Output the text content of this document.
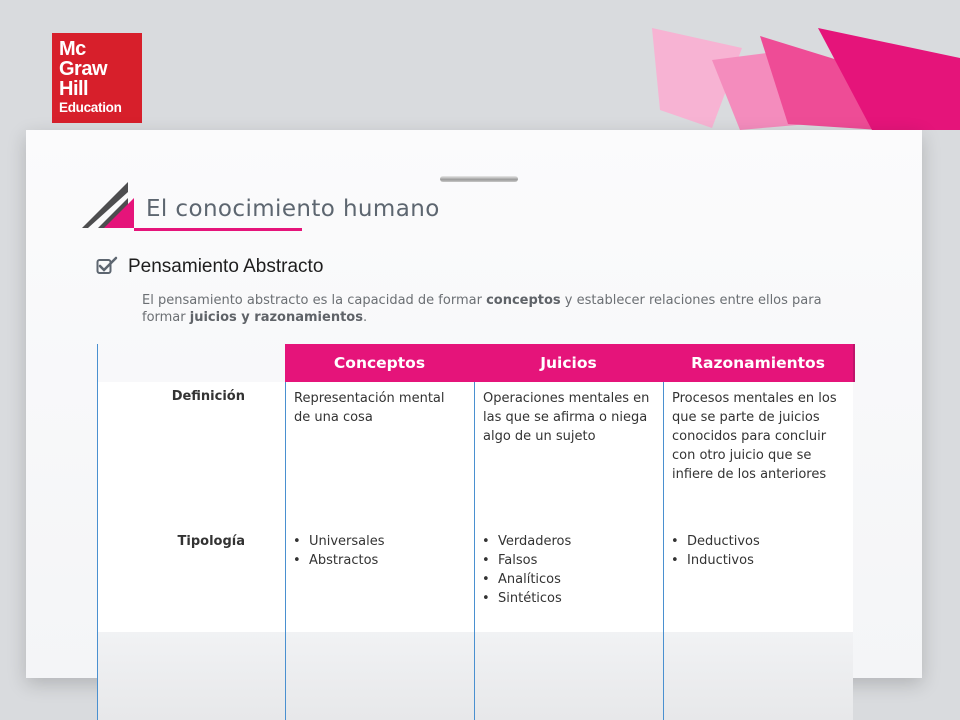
Mc
Graw
Hill
Education
El conocimiento humano
Pensamiento Abstracto
El pensamiento abstracto es la capacidad de formar conceptos y establecer relaciones entre ellos para
formar juicios y razonamientos.
Conceptos	Juicios	Razonamientos
Definición	Representación mental de una cosa
Operaciones mentales en las que se afirma o niega algo de un sujeto
Procesos mentales en los que se parte de juicios conocidos para concluir con otro juicio que se infiere de los anteriores
Tipología
•	Universales
• Abstractos
• Verdaderos
• Falsos
• Analíticos
• Sintéticos
• Deductivos
• Inductivos
